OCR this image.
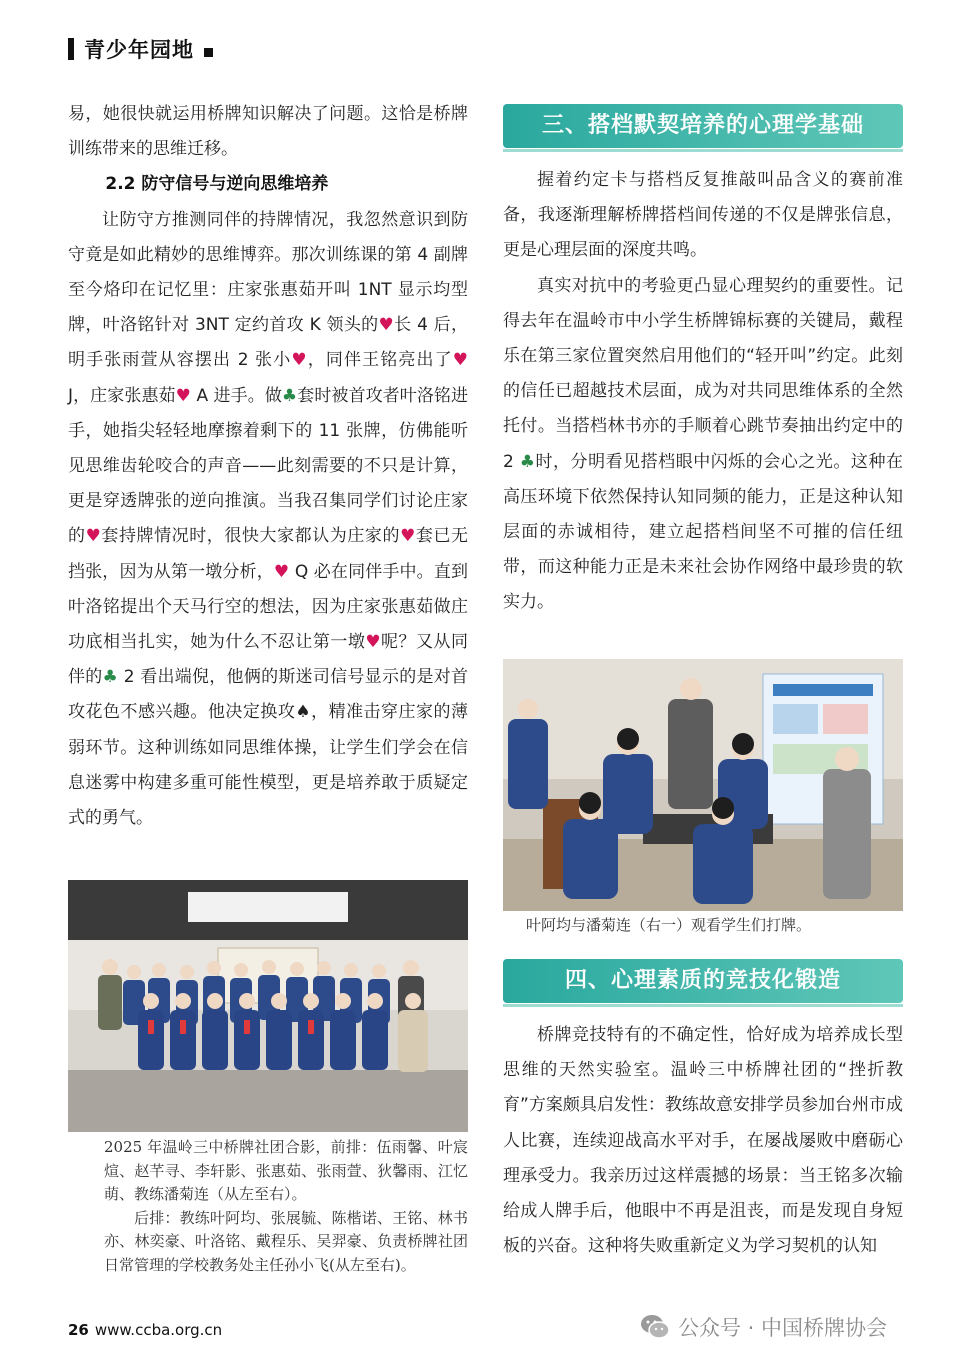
青少年园地

易，她很快就运用桥牌知识解决了问题。这恰是桥牌训练带来的思维迁移。

2.2 防守信号与逆向思维培养

让防守方推测同伴的持牌情况，我忽然意识到防守竟是如此精妙的思维博弈。那次训练课的第 4 副牌至今烙印在记忆里：庄家张惠茹开叫 1NT 显示均型牌，叶洛铭针对 3NT 定约首攻 K 领头的♥长 4 后，明手张雨萱从容摆出 2 张小♥，同伴王铭亮出了♥ J，庄家张惠茹♥ A 进手。做♣套时被首攻者叶洛铭进手，她指尖轻轻地摩擦着剩下的 11 张牌，仿佛能听见思维齿轮咬合的声音——此刻需要的不只是计算，更是穿透牌张的逆向推演。当我召集同学们讨论庄家的♥套持牌情况时，很快大家都认为庄家的♥套已无挡张，因为从第一墩分析，♥ Q 必在同伴手中。直到叶洛铭提出个天马行空的想法，因为庄家张惠茹做庄功底相当扎实，她为什么不忍让第一墩♥呢？又从同伴的♣ 2 看出端倪，他俩的斯迷司信号显示的是对首攻花色不感兴趣。他决定换攻♠，精准击穿庄家的薄弱环节。这种训练如同思维体操，让学生们学会在信息迷雾中构建多重可能性模型，更是培养敢于质疑定式的勇气。

2025 年温岭三中桥牌社团合影，前排：伍雨馨、叶宸煊、赵芊寻、李轩影、张惠茹、张雨萱、狄馨雨、江忆萌、教练潘菊连（从左至右）。

后排：教练叶阿均、张展毓、陈楷诺、王铭、林书亦、林奕豪、叶洛铭、戴程乐、吴羿豪、负责桥牌社团日常管理的学校教务处主任孙小飞(从左至右)。

三、搭档默契培养的心理学基础

握着约定卡与搭档反复推敲叫品含义的赛前准备，我逐渐理解桥牌搭档间传递的不仅是牌张信息，更是心理层面的深度共鸣。

真实对抗中的考验更凸显心理契约的重要性。记得去年在温岭市中小学生桥牌锦标赛的关键局，戴程乐在第三家位置突然启用他们的“轻开叫”约定。此刻的信任已超越技术层面，成为对共同思维体系的全然托付。当搭档林书亦的手顺着心跳节奏抽出约定中的 2 ♣时，分明看见搭档眼中闪烁的会心之光。这种在高压环境下依然保持认知同频的能力，正是这种认知层面的赤诚相待，建立起搭档间坚不可摧的信任纽带，而这种能力正是未来社会协作网络中最珍贵的软实力。

叶阿均与潘菊连（右一）观看学生们打牌。
四、心理素质的竞技化锻造

桥牌竞技特有的不确定性，恰好成为培养成长型思维的天然实验室。温岭三中桥牌社团的“挫折教育”方案颇具启发性：教练故意安排学员参加台州市成人比赛，连续迎战高水平对手，在屡战屡败中磨砺心理承受力。我亲历过这样震撼的场景：当王铭多次输给成人牌手后，他眼中不再是沮丧，而是发现自身短板的兴奋。这种将失败重新定义为学习契机的认知

26 www.ccba.org.cn	公众号 · 中国桥牌协会
